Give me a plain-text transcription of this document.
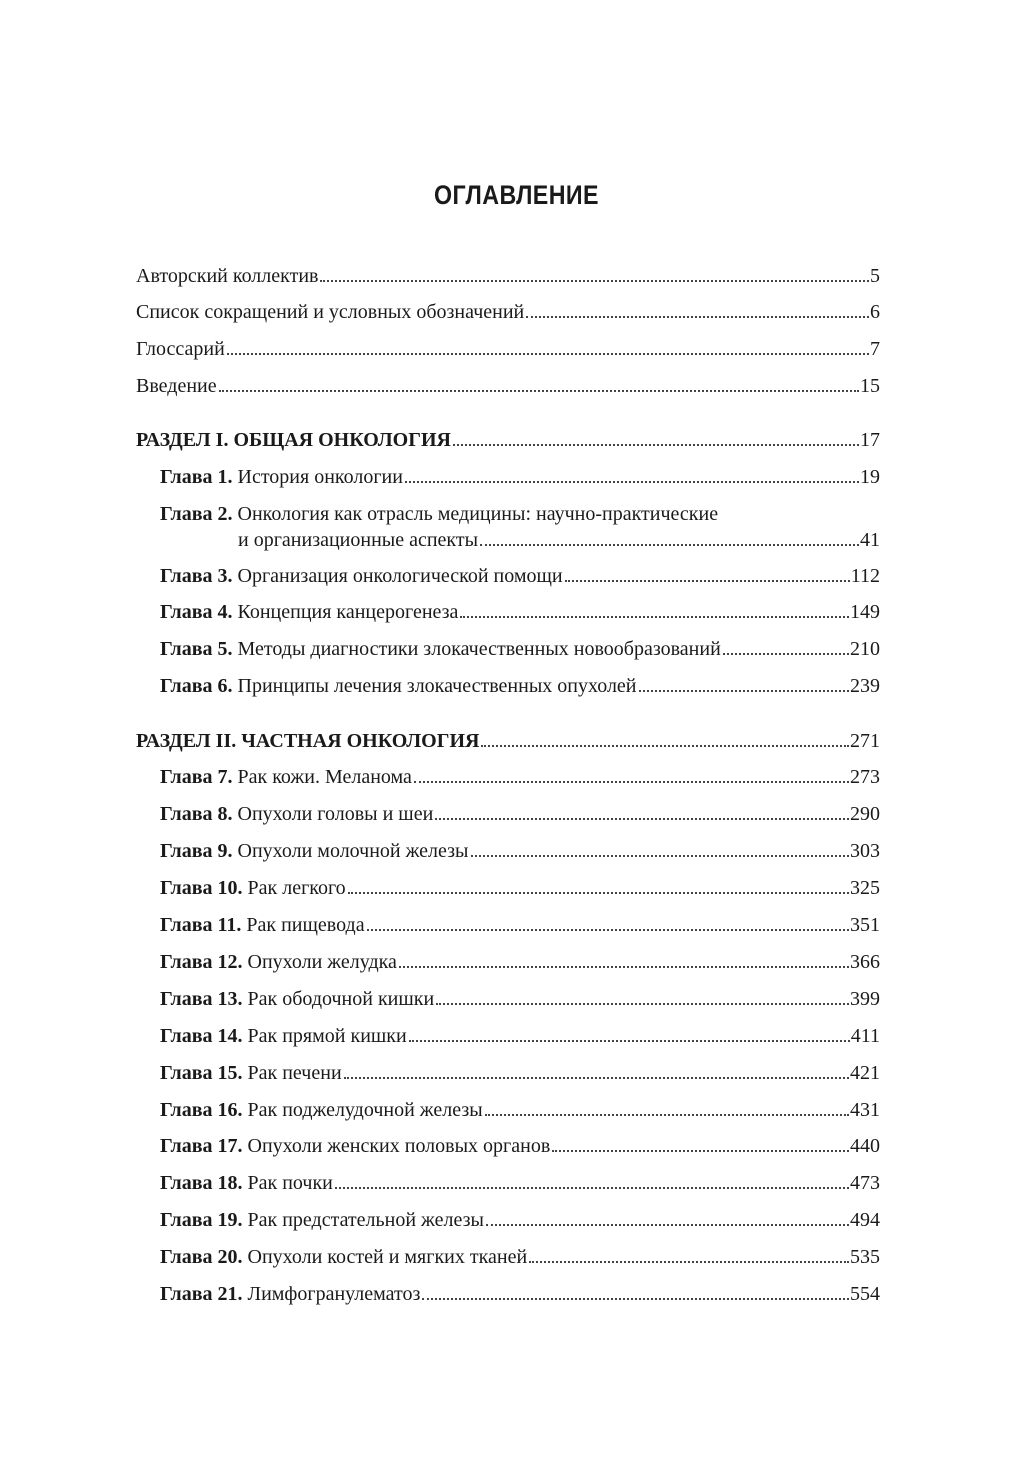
ОГЛАВЛЕНИЕ
Авторский коллектив	5
Список сокращений и условных обозначений	6
Глоссарий	7
Введение	15
РАЗДЕЛ I. ОБЩАЯ ОНКОЛОГИЯ	17
Глава 1. История онкологии	19
Глава 2. Онкология как отрасль медицины: научно-практические
и организационные аспекты	41
Глава 3. Организация онкологической помощи	112
Глава 4. Концепция канцерогенеза	149
Глава 5. Методы диагностики злокачественных новообразований	210
Глава 6. Принципы лечения злокачественных опухолей	239
РАЗДЕЛ II. ЧАСТНАЯ ОНКОЛОГИЯ	271
Глава 7. Рак кожи. Меланома	273
Глава 8. Опухоли головы и шеи	290
Глава 9. Опухоли молочной железы	303
Глава 10. Рак легкого	325
Глава 11. Рак пищевода	351
Глава 12. Опухоли желудка	366
Глава 13. Рак ободочной кишки	399
Глава 14. Рак прямой кишки	411
Глава 15. Рак печени	421
Глава 16. Рак поджелудочной железы	431
Глава 17. Опухоли женских половых органов	440
Глава 18. Рак почки	473
Глава 19. Рак предстательной железы	494
Глава 20. Опухоли костей и мягких тканей	535
Глава 21. Лимфогранулематоз	554
